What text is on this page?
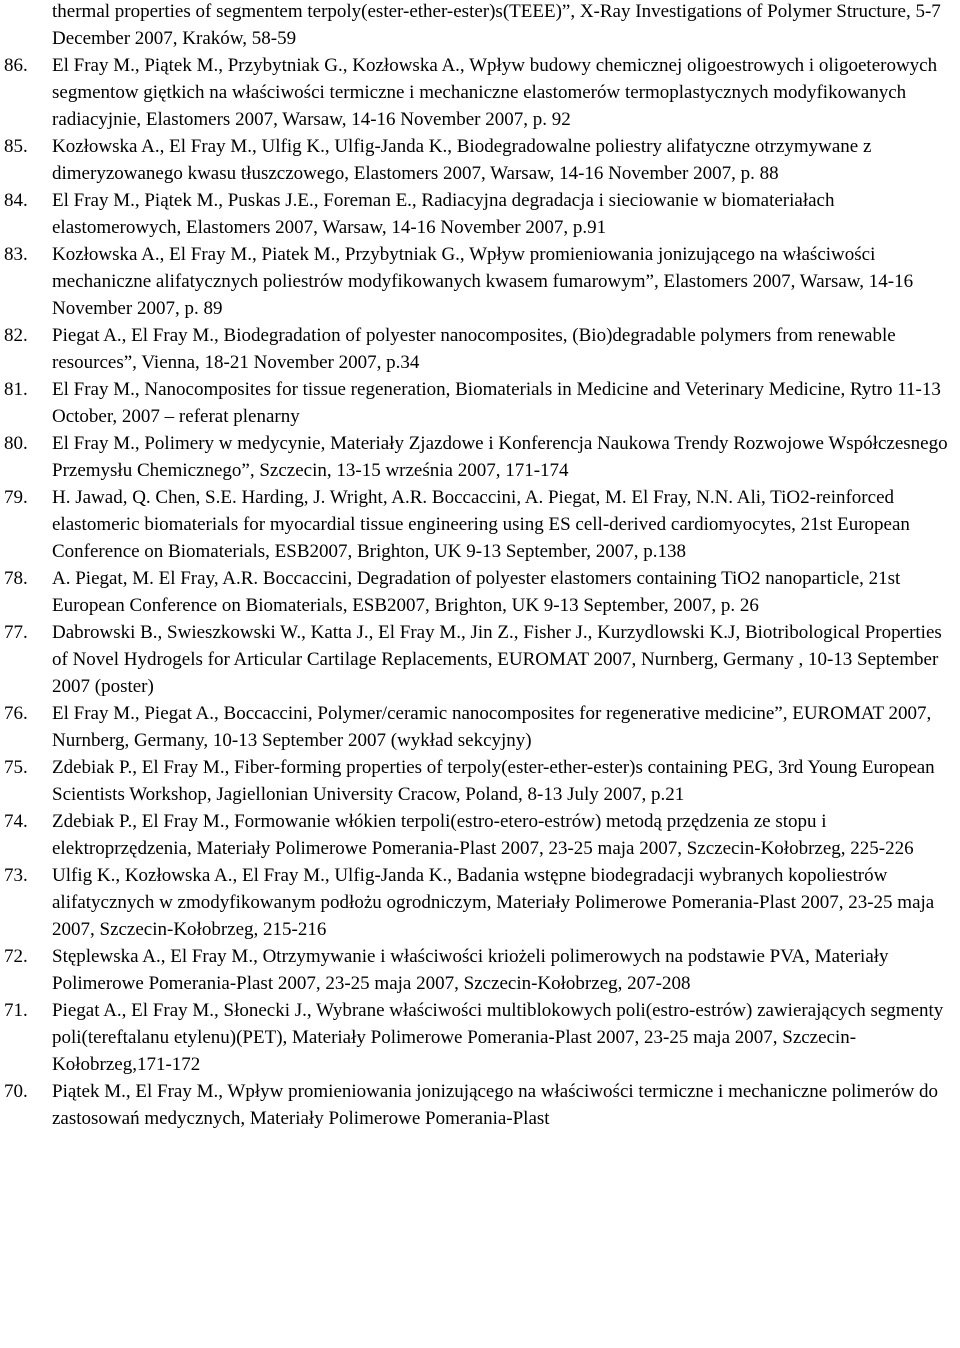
thermal properties of segmentem terpoly(ester-ether-ester)s(TEEE)”, X-Ray Investigations of Polymer Structure, 5-7 December 2007, Kraków, 58-59

86.	El Fray M., Piątek M., Przybytniak G., Kozłowska A., Wpływ budowy chemicznej oligoestrowych i oligoeterowych segmentow giętkich na właściwości termiczne i mechaniczne elastomerów termoplastycznych modyfikowanych radiacyjnie, Elastomers 2007, Warsaw, 14-16 November 2007, p. 92
85.	Kozłowska A., El Fray M., Ulfig K., Ulfig-Janda K., Biodegradowalne poliestry alifatyczne otrzymywane z dimeryzowanego kwasu tłuszczowego, Elastomers 2007, Warsaw, 14-16 November 2007, p. 88
84.	El Fray M., Piątek M., Puskas J.E., Foreman E., Radiacyjna degradacja i sieciowanie w biomateriałach elastomerowych, Elastomers 2007, Warsaw, 14-16 November 2007, p.91
83.	Kozłowska A., El Fray M., Piatek M., Przybytniak G., Wpływ promieniowania jonizującego na właściwości mechaniczne alifatycznych poliestrów modyfikowanych kwasem fumarowym”, Elastomers 2007, Warsaw, 14-16 November 2007, p. 89
82.	Piegat A., El Fray M., Biodegradation of polyester nanocomposites, (Bio)degradable polymers from renewable resources”, Vienna, 18-21 November 2007, p.34
81.	El Fray M., Nanocomposites for tissue regeneration, Biomaterials in Medicine and Veterinary Medicine, Rytro 11-13 October, 2007 – referat plenarny
80.	El Fray M., Polimery w medycynie, Materiały Zjazdowe i Konferencja Naukowa Trendy Rozwojowe Współczesnego Przemysłu Chemicznego”, Szczecin, 13-15 września 2007, 171-174
79.	H. Jawad, Q. Chen, S.E. Harding, J. Wright, A.R. Boccaccini, A. Piegat, M. El Fray, N.N. Ali, TiO2-reinforced elastomeric biomaterials for myocardial tissue engineering using ES cell-derived cardiomyocytes, 21st European Conference on Biomaterials, ESB2007, Brighton, UK 9-13 September, 2007, p.138
78.	A. Piegat, M. El Fray, A.R. Boccaccini, Degradation of polyester elastomers containing TiO2 nanoparticle, 21st European Conference on Biomaterials, ESB2007, Brighton, UK 9-13 September, 2007, p. 26
77.	Dabrowski B., Swieszkowski W., Katta J., El Fray M., Jin Z., Fisher J., Kurzydlowski K.J, Biotribological Properties of Novel Hydrogels for Articular Cartilage Replacements, EUROMAT 2007, Nurnberg, Germany , 10-13 September 2007 (poster)
76.	El Fray M., Piegat A., Boccaccini, Polymer/ceramic nanocomposites for regenerative medicine”, EUROMAT 2007, Nurnberg, Germany, 10-13 September 2007 (wykład sekcyjny)
75.	Zdebiak P., El Fray M., Fiber-forming properties of terpoly(ester-ether-ester)s containing PEG, 3rd Young European Scientists Workshop, Jagiellonian University Cracow, Poland, 8-13 July 2007, p.21
74.	Zdebiak P., El Fray M., Formowanie włókien terpoli(estro-etero-estrów) metodą przędzenia ze stopu i elektroprzędzenia, Materiały Polimerowe Pomerania-Plast 2007, 23-25 maja 2007, Szczecin-Kołobrzeg, 225-226
73.	Ulfig K., Kozłowska A., El Fray M., Ulfig-Janda K., Badania wstępne biodegradacji wybranych kopoliestrów alifatycznych w zmodyfikowanym podłożu ogrodniczym, Materiały Polimerowe Pomerania-Plast 2007, 23-25 maja 2007, Szczecin-Kołobrzeg, 215-216
72.	Stęplewska A., El Fray M., Otrzymywanie i właściwości kriożeli polimerowych na podstawie PVA, Materiały Polimerowe Pomerania-Plast 2007, 23-25 maja 2007, Szczecin-Kołobrzeg, 207-208
71.	Piegat A., El Fray M., Słonecki J., Wybrane właściwości multiblokowych poli(estro-estrów) zawierających segmenty poli(tereftalanu etylenu)(PET), Materiały Polimerowe Pomerania-Plast 2007, 23-25 maja 2007, Szczecin-Kołobrzeg,171-172
70.	Piątek M., El Fray M., Wpływ promieniowania jonizującego na właściwości termiczne i mechaniczne polimerów do zastosowań medycznych, Materiały Polimerowe Pomerania-Plast
